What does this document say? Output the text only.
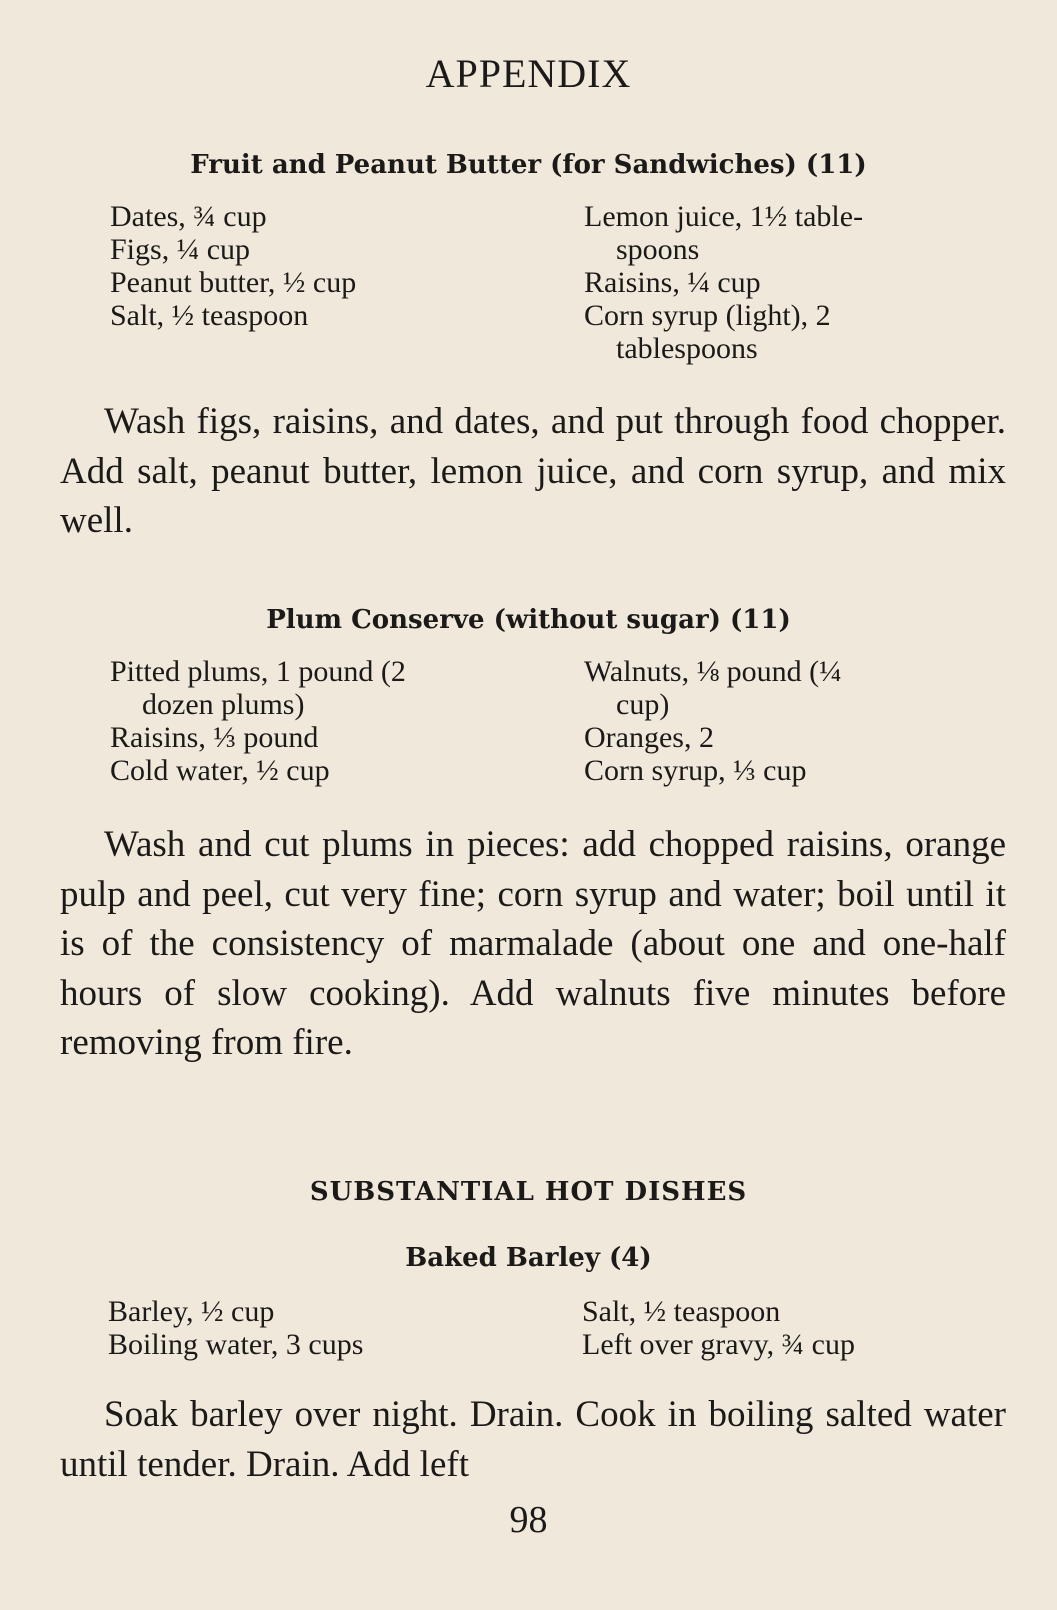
APPENDIX
Fruit and Peanut Butter (for Sandwiches) (11)
Dates, ¾ cup
Figs, ¼ cup
Peanut butter, ½ cup
Salt, ½ teaspoon
Lemon juice, 1½ table-
spoons
Raisins, ¼ cup
Corn syrup (light), 2
tablespoons
Wash figs, raisins, and dates, and put through food chopper. Add salt, peanut butter, lemon juice, and corn syrup, and mix well.
Plum Conserve (without sugar) (11)
Pitted plums, 1 pound (2
dozen plums)
Raisins, ⅓ pound
Cold water, ½ cup
Walnuts, ⅛ pound (¼
cup)
Oranges, 2
Corn syrup, ⅓ cup
Wash and cut plums in pieces: add chopped raisins, orange pulp and peel, cut very fine; corn syrup and water; boil until it is of the consistency of marmalade (about one and one-half hours of slow cooking). Add walnuts five minutes before removing from fire.
SUBSTANTIAL HOT DISHES
Baked Barley (4)
Barley, ½ cup
Boiling water, 3 cups
Salt, ½ teaspoon
Left over gravy, ¾ cup
Soak barley over night. Drain. Cook in boiling salted water until tender. Drain. Add left
98
